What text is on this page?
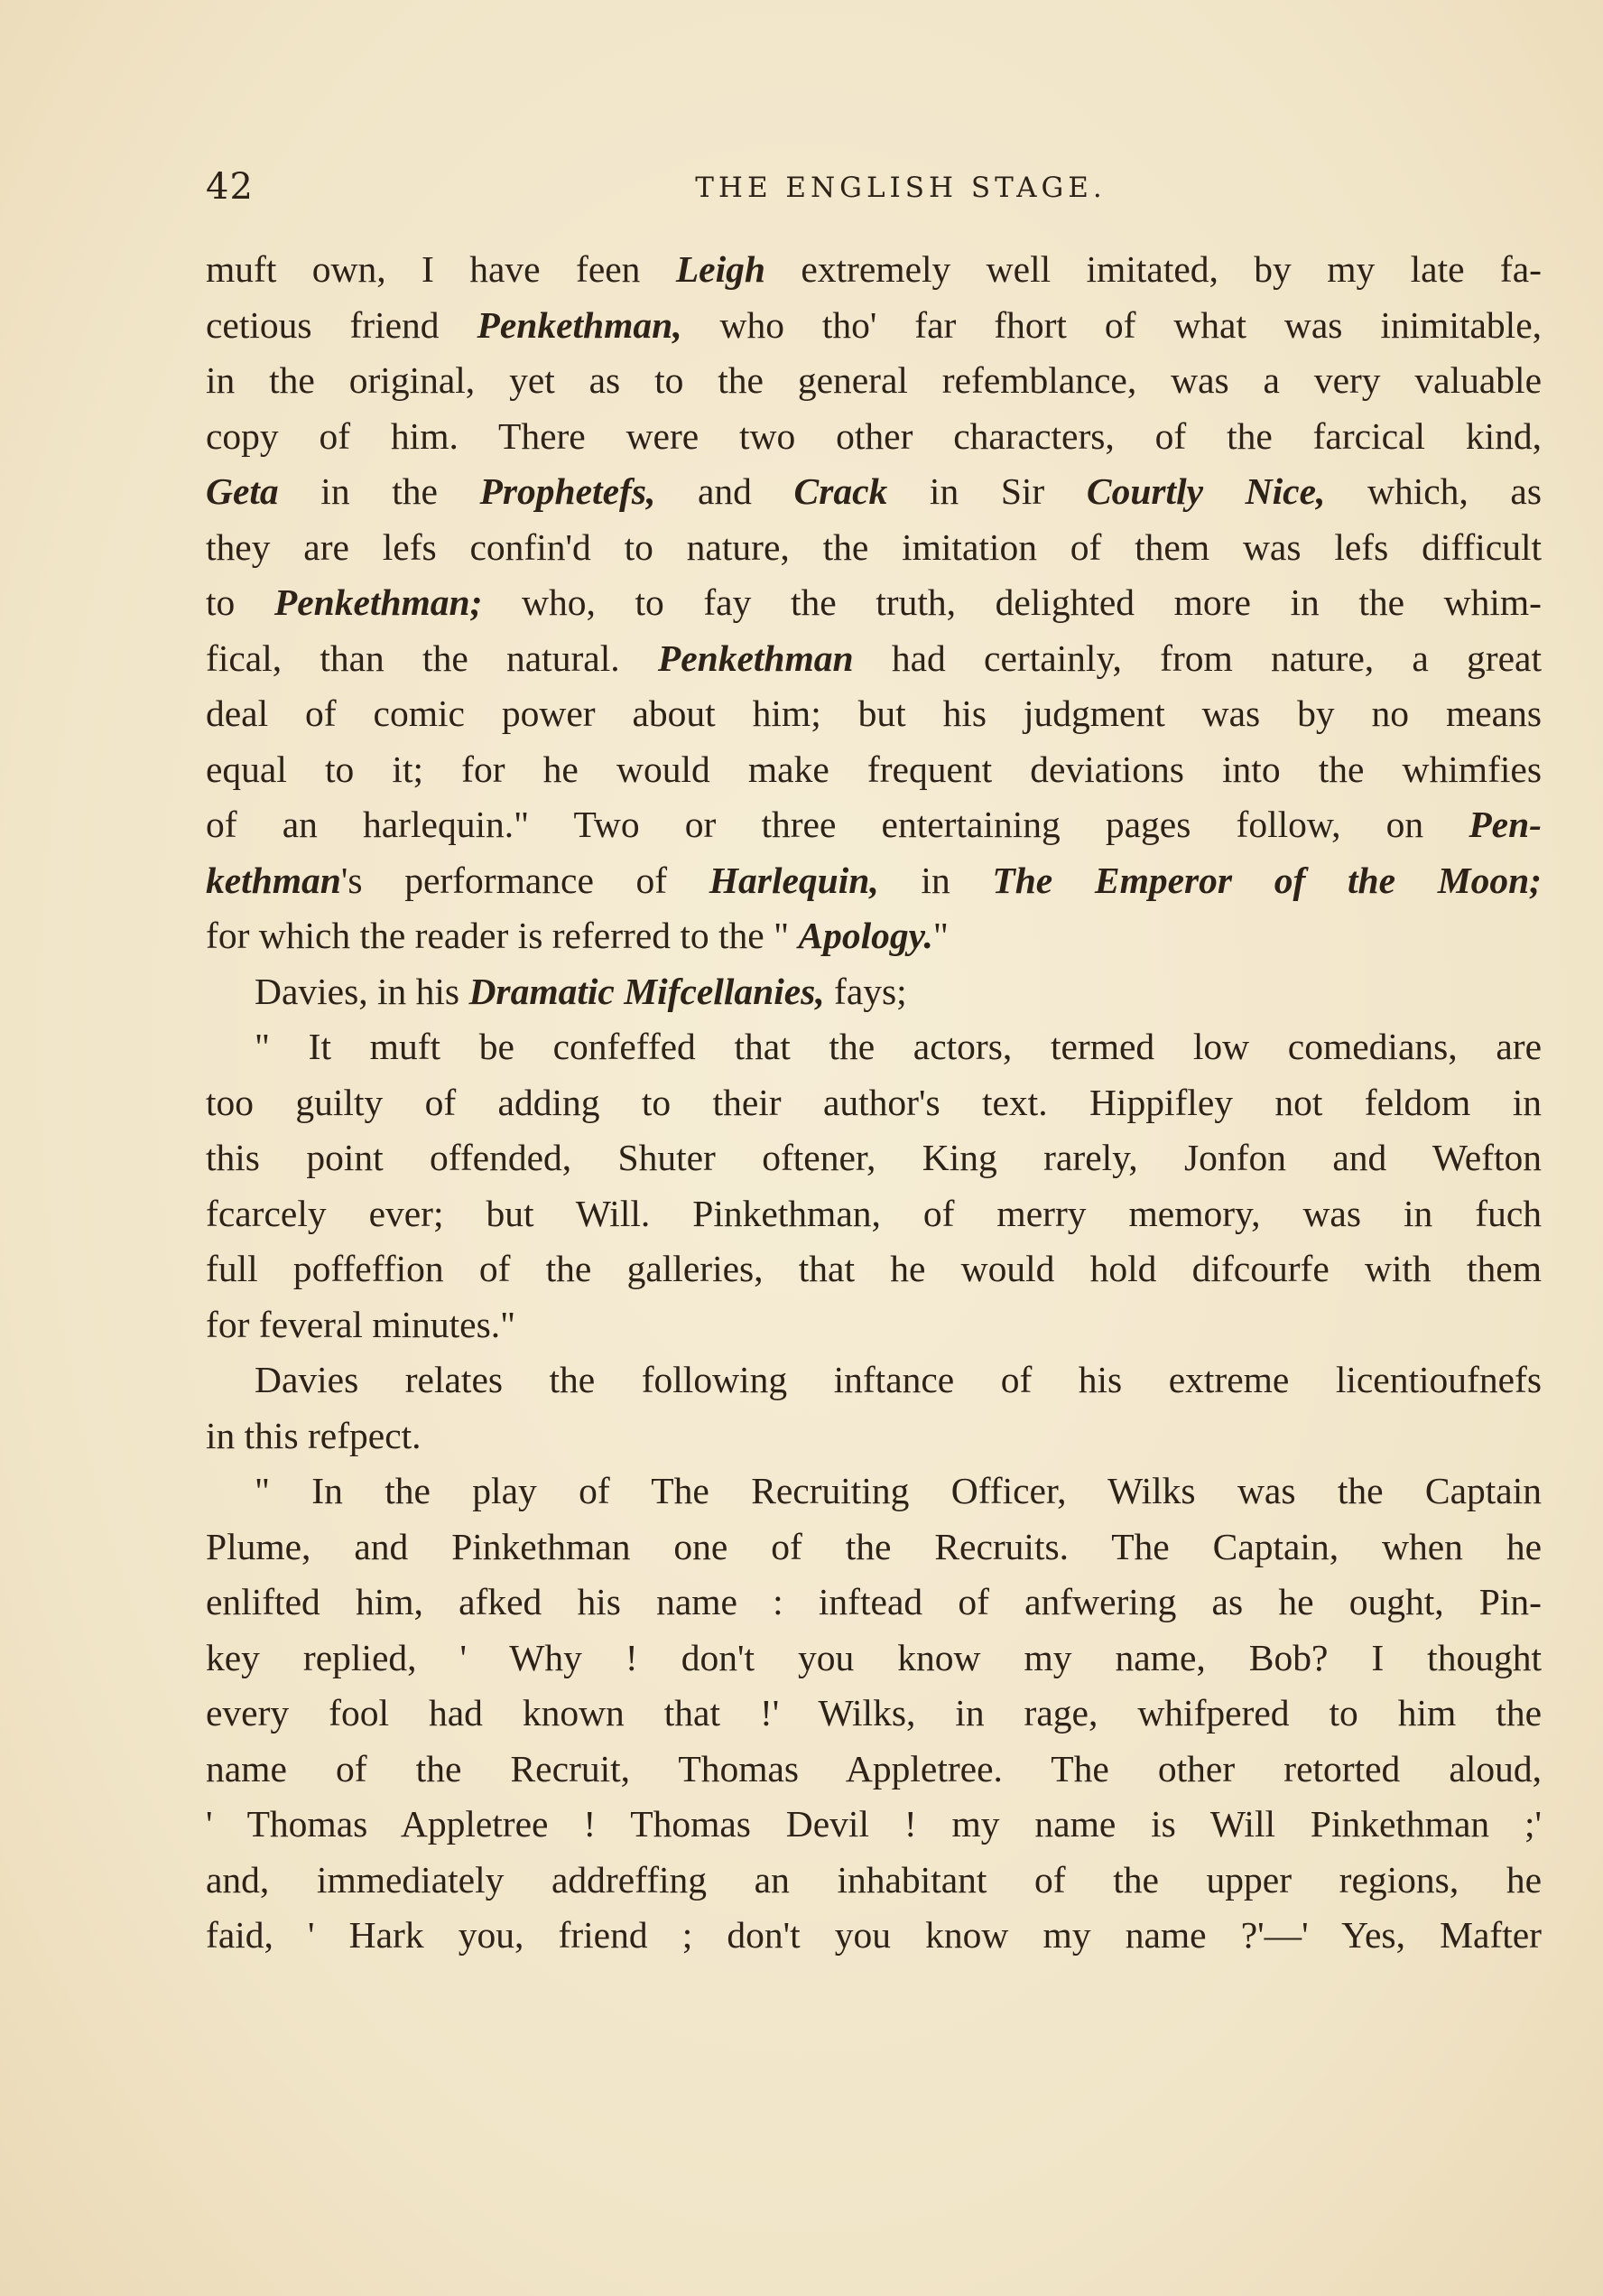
42	THE ENGLISH STAGE.
muft own, I have feen Leigh extremely well imitated, by my late fa-
cetious friend Penkethman, who tho' far fhort of what was inimitable,
in the original, yet as to the general refemblance, was a very valuable
copy of him. There were two other characters, of the farcical kind,
Geta in the Prophetefs, and Crack in Sir Courtly Nice, which, as
they are lefs confin'd to nature, the imitation of them was lefs difficult
to Penkethman; who, to fay the truth, delighted more in the whim-
fical, than the natural. Penkethman had certainly, from nature, a great
deal of comic power about him; but his judgment was by no means
equal to it; for he would make frequent deviations into the whimfies
of an harlequin." Two or three entertaining pages follow, on Pen-
kethman's performance of Harlequin, in The Emperor of the Moon;
for which the reader is referred to the " Apology."
Davies, in his Dramatic Mifcellanies, fays;
" It muft be confeffed that the actors, termed low comedians, are
too guilty of adding to their author's text. Hippifley not feldom in
this point offended, Shuter oftener, King rarely, Jonfon and Wefton
fcarcely ever; but Will. Pinkethman, of merry memory, was in fuch
full poffeffion of the galleries, that he would hold difcourfe with them
for feveral minutes."
Davies relates the following inftance of his extreme licentioufnefs
in this refpect.
" In the play of The Recruiting Officer, Wilks was the Captain
Plume, and Pinkethman one of the Recruits. The Captain, when he
enlifted him, afked his name : inftead of anfwering as he ought, Pin-
key replied, ' Why ! don't you know my name, Bob? I thought
every fool had known that !' Wilks, in rage, whifpered to him the
name of the Recruit, Thomas Appletree. The other retorted aloud,
' Thomas Appletree ! Thomas Devil ! my name is Will Pinkethman ;'
and, immediately addreffing an inhabitant of the upper regions, he
faid, ' Hark you, friend ; don't you know my name ?'—' Yes, Mafter
